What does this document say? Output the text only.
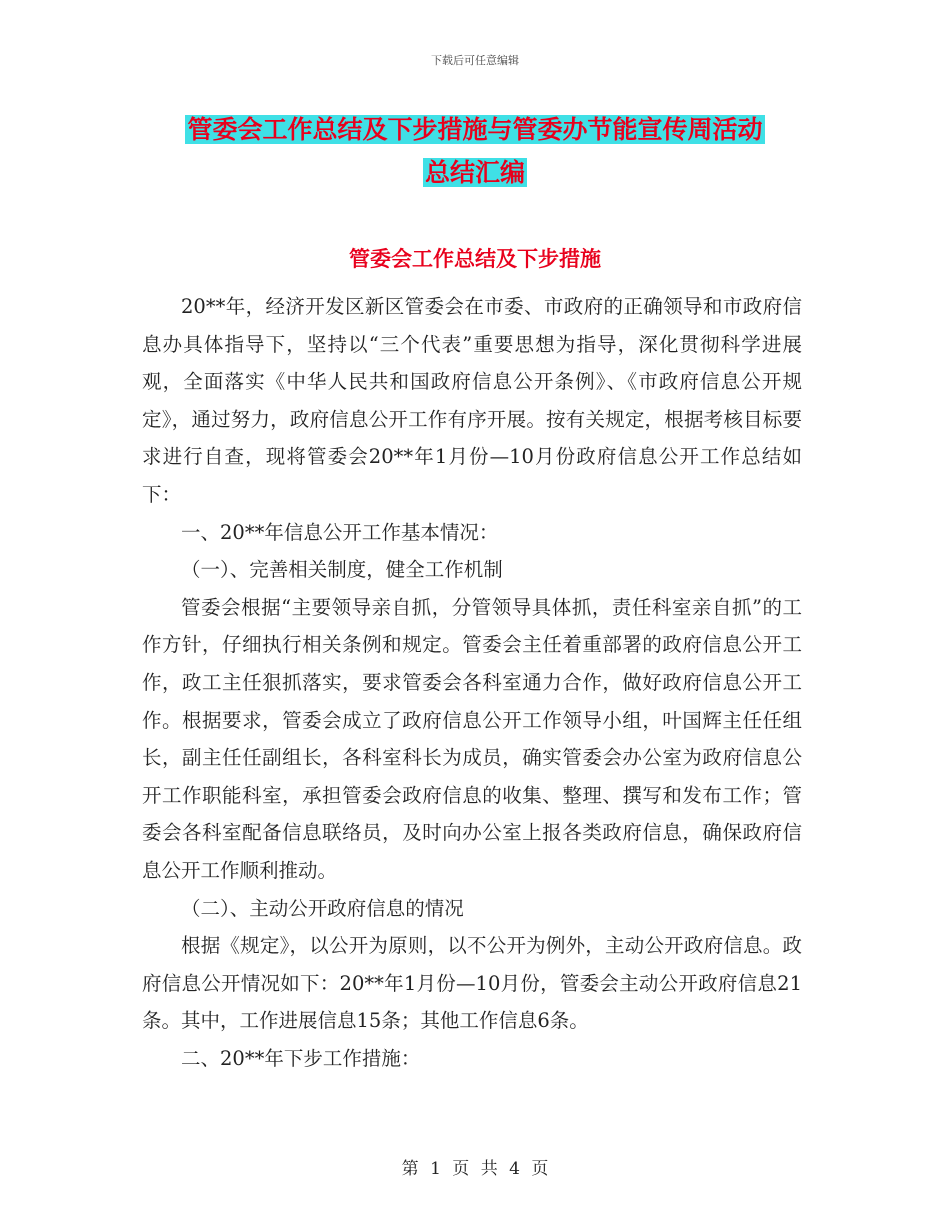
下载后可任意编辑
管委会工作总结及下步措施与管委办节能宣传周活动
总结汇编
管委会工作总结及下步措施

20**年，经济开发区新区管委会在市委、市政府的正确领导和市政府信息办具体指导下，坚持以“三个代表”重要思想为指导，深化贯彻科学进展观，全面落实《中华人民共和国政府信息公开条例》、《市政府信息公开规定》，通过努力，政府信息公开工作有序开展。按有关规定，根据考核目标要求进行自查，现将管委会20**年1月份—10月份政府信息公开工作总结如下：

一、20**年信息公开工作基本情况：

（一）、完善相关制度，健全工作机制

管委会根据“主要领导亲自抓，分管领导具体抓，责任科室亲自抓”的工作方针，仔细执行相关条例和规定。管委会主任着重部署的政府信息公开工作，政工主任狠抓落实，要求管委会各科室通力合作，做好政府信息公开工作。根据要求，管委会成立了政府信息公开工作领导小组，叶国辉主任任组长，副主任任副组长，各科室科长为成员，确实管委会办公室为政府信息公开工作职能科室，承担管委会政府信息的收集、整理、撰写和发布工作；管委会各科室配备信息联络员，及时向办公室上报各类政府信息，确保政府信息公开工作顺利推动。

（二）、主动公开政府信息的情况

根据《规定》，以公开为原则，以不公开为例外，主动公开政府信息。政府信息公开情况如下：20**年1月份—10月份，管委会主动公开政府信息21条。其中，工作进展信息15条；其他工作信息6条。

二、20**年下步工作措施：

第 1 页 共 4 页
